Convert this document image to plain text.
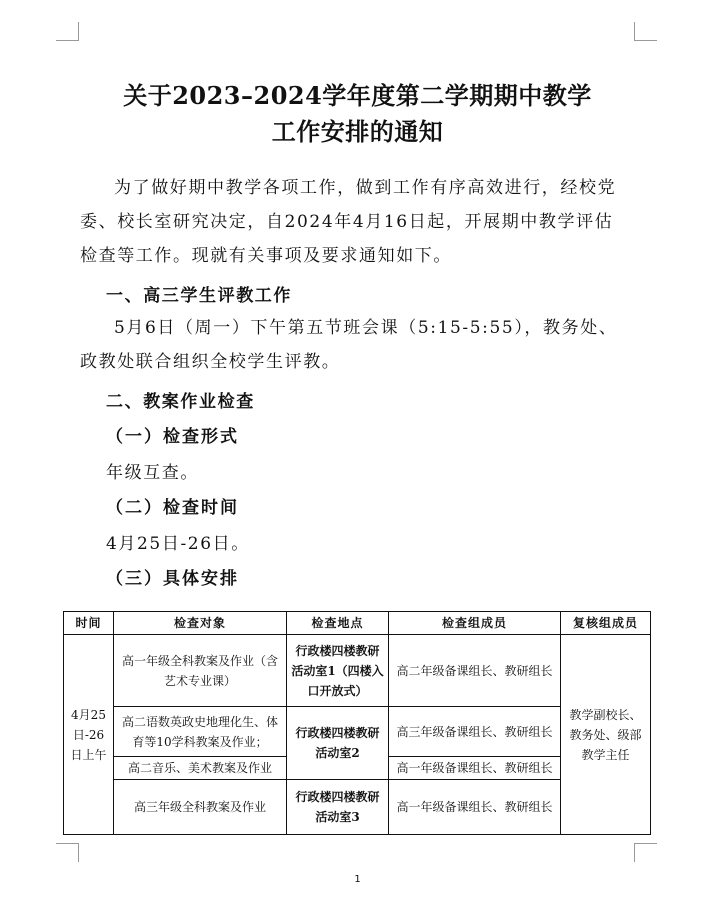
关于2023–2024学年度第二学期期中教学
工作安排的通知
为了做好期中教学各项工作，做到工作有序高效进行，经校党
委、校长室研究决定，自2024年4月16日起，开展期中教学评估
检查等工作。现就有关事项及要求通知如下。
一、高三学生评教工作
5月6日（周一）下午第五节班会课（5:15-5:55），教务处、
政教处联合组织全校学生评教。
二、教案作业检查
（一）检查形式
年级互查。
（二）检查时间
4月25日-26日。
（三）具体安排
时间	检查对象	检查地点	检查组成员	复核组成员
4月25日-26日上午	高一年级全科教案及作业（含艺术专业课）	行政楼四楼教研活动室1（四楼入口开放式）	高二年级备课组长、教研组长	教学副校长、教务处、级部教学主任
	高二语数英政史地理化生、体育等10学科教案及作业；	行政楼四楼教研活动室2	高三年级备课组长、教研组长	
	高二音乐、美术教案及作业		高一年级备课组长、教研组长	
	高三年级全科教案及作业	行政楼四楼教研活动室3	高一年级备课组长、教研组长	
1
